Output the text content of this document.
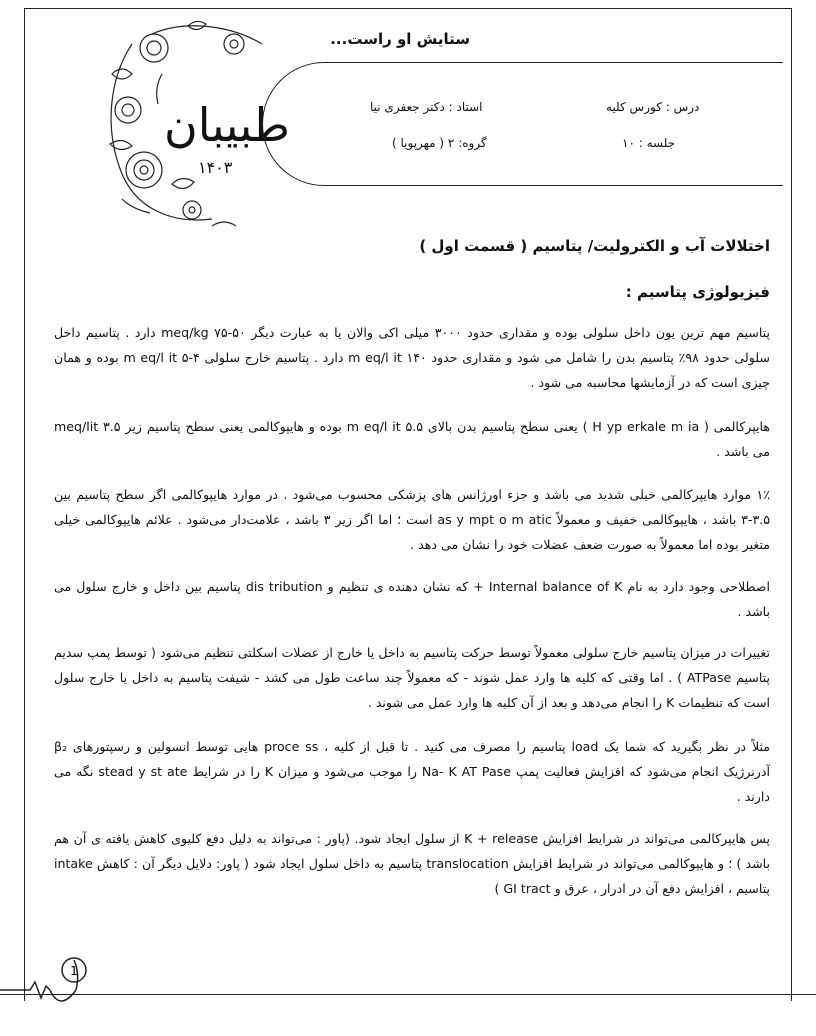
طبیبان
۱۴۰۳
ستایش او راست...
درس : کورس کلیه
استاد : دکتر جعفری نیا
جلسه : ۱۰
گروه: ۲ ( مهرپویا )
اختلالات آب و الکترولیت/ پتاسیم ( قسمت اول )
فیزیولوژی پتاسیم :
پتاسیم مهم ترین یون داخل سلولی بوده و مقداری حدود ۳۰۰۰ میلی اکی والان یا به عبارت دیگر meq/kg ۷۵-۵۰ دارد . پتاسیم داخل سلولی حدود ۹۸٪ پتاسیم بدن را شامل می شود و مقداری حدود ۱۴۰ m eq/l it دارد . پتاسیم خارج سلولی m eq/l it ۵-۴ بوده و همان چیزی است که در آزمایشها محاسبه می شود .
هایپرکالمی ( H yp erkale m ia ) یعنی سطح پتاسیم بدن بالای m eq/l it ۵.۵ بوده و هایپوکالمی یعنی سطح پتاسیم زیر meq/lit ۳.۵ می باشد .
۱٪ موارد هایپرکالمی خیلی شدید می باشد و جزء اورژانس های پزشکی محسوب می‌شود . در موارد هایپوکالمی اگر سطح پتاسیم بین ۳.۵-۳ باشد ، هایپوکالمی خفیف و معمولاً as y mpt o m atic است ؛ اما اگر زیر ۳ باشد ، علامت‌دار می‌شود . علائم هایپوکالمی خیلی متغیر بوده اما معمولاً به صورت ضعف عضلات خود را نشان می دهد .
اصطلاحی وجود دارد به نام Internal balance of K + که نشان دهنده ی تنظیم و dis tribution پتاسیم بین داخل و خارج سلول می باشد .
تغییرات در میزان پتاسیم خارج سلولی معمولاً توسط حرکت پتاسیم به داخل یا خارج از عضلات اسکلتی تنظیم می‌شود ( توسط پمپ سدیم پتاسیم ATPase ) . اما وقتی که کلیه ها وارد عمل شوند - که معمولاً چند ساعت طول می کشد - شیفت پتاسیم به داخل یا خارج سلول است که تنظیمات K را انجام می‌دهد و بعد از آن کلیه ها وارد عمل می شوند .
مثلاً در نظر بگیرید که شما یک load پتاسیم را مصرف می کنید . تا قبل از کلیه ، proce ss هایی توسط انسولین و رسپتورهای β₂ آدرنرژیک انجام می‌شود که افزایش فعالیت پمپ Na- K AT Pase را موجب می‌شود و میزان K را در شرایط stead y st ate نگه می دارند .
پس هایپرکالمی می‌تواند در شرایط افزایش K + release از سلول ایجاد شود. (پاور : می‌تواند به دلیل دفع کلیوی کاهش یافته ی آن هم باشد ) ؛ و هایپوکالمی می‌تواند در شرایط افزایش translocation پتاسیم به داخل سلول ایجاد شود ( پاور: دلایل دیگر آن : کاهش intake پتاسیم ، افزایش دفع آن در ادرار ، عرق و GI tract )
1
